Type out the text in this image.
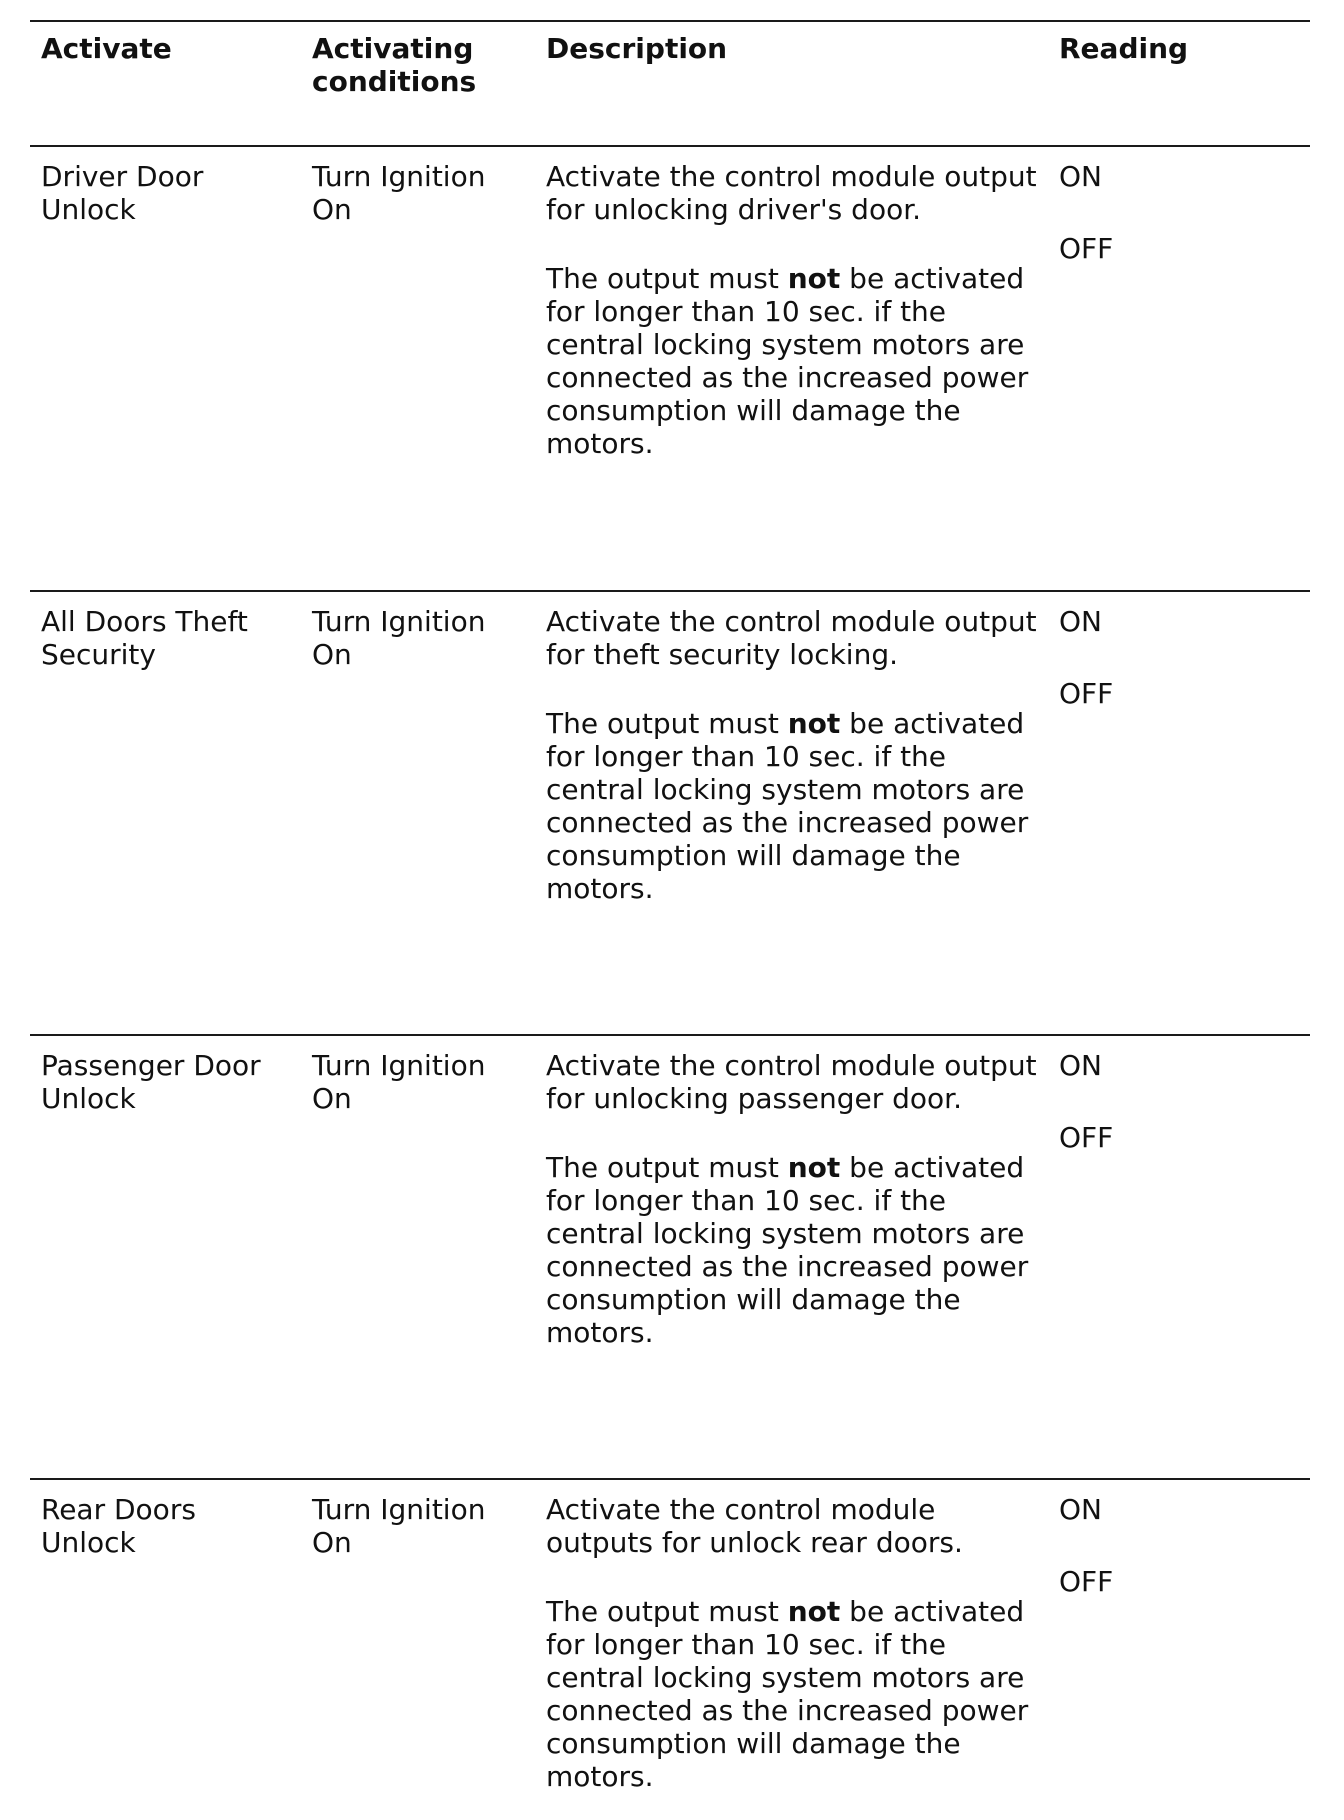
Activate	Activating
conditions
Description	Reading
Driver Door
Unlock
Turn Ignition
On
Activate the control module output
for unlocking driver's door.
The output must not be activated
for longer than 10 sec. if the
central locking system motors are
connected as the increased power
consumption will damage the
motors.
ON
OFF
All Doors Theft
Security
Turn Ignition
On
Activate the control module output
for theft security locking.
The output must not be activated
for longer than 10 sec. if the
central locking system motors are
connected as the increased power
consumption will damage the
motors.
ON
OFF
Passenger Door
Unlock
Turn Ignition
On
Activate the control module output
for unlocking passenger door.
The output must not be activated
for longer than 10 sec. if the
central locking system motors are
connected as the increased power
consumption will damage the
motors.
ON
OFF
Rear Doors
Unlock
Turn Ignition
On
Activate the control module
outputs for unlock rear doors.
The output must not be activated
for longer than 10 sec. if the
central locking system motors are
connected as the increased power
consumption will damage the
motors.
ON
OFF
